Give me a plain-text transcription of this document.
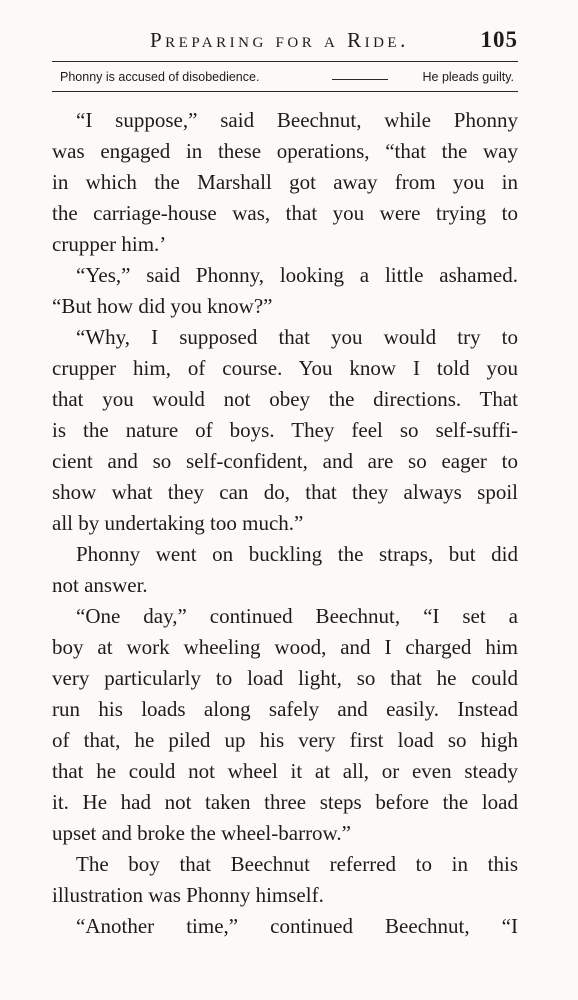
Preparing for a Ride.	105
Phonny is accused of disobedience.	He pleads guilty.
“I suppose,” said Beechnut, while Phonny
was engaged in these operations, “that the way
in which the Marshall got away from you in
the carriage-house was, that you were trying to
crupper him.’
“Yes,” said Phonny, looking a little ashamed.
“But how did you know?”
“Why, I supposed that you would try to
crupper him, of course. You know I told you
that you would not obey the directions. That
is the nature of boys. They feel so self-suffi-
cient and so self-confident, and are so eager to
show what they can do, that they always spoil
all by undertaking too much.”
Phonny went on buckling the straps, but did
not answer.
“One day,” continued Beechnut, “I set a
boy at work wheeling wood, and I charged him
very particularly to load light, so that he could
run his loads along safely and easily. Instead
of that, he piled up his very first load so high
that he could not wheel it at all, or even steady
it. He had not taken three steps before the load
upset and broke the wheel-barrow.”
The boy that Beechnut referred to in this
illustration was Phonny himself.
“Another time,” continued Beechnut, “I
